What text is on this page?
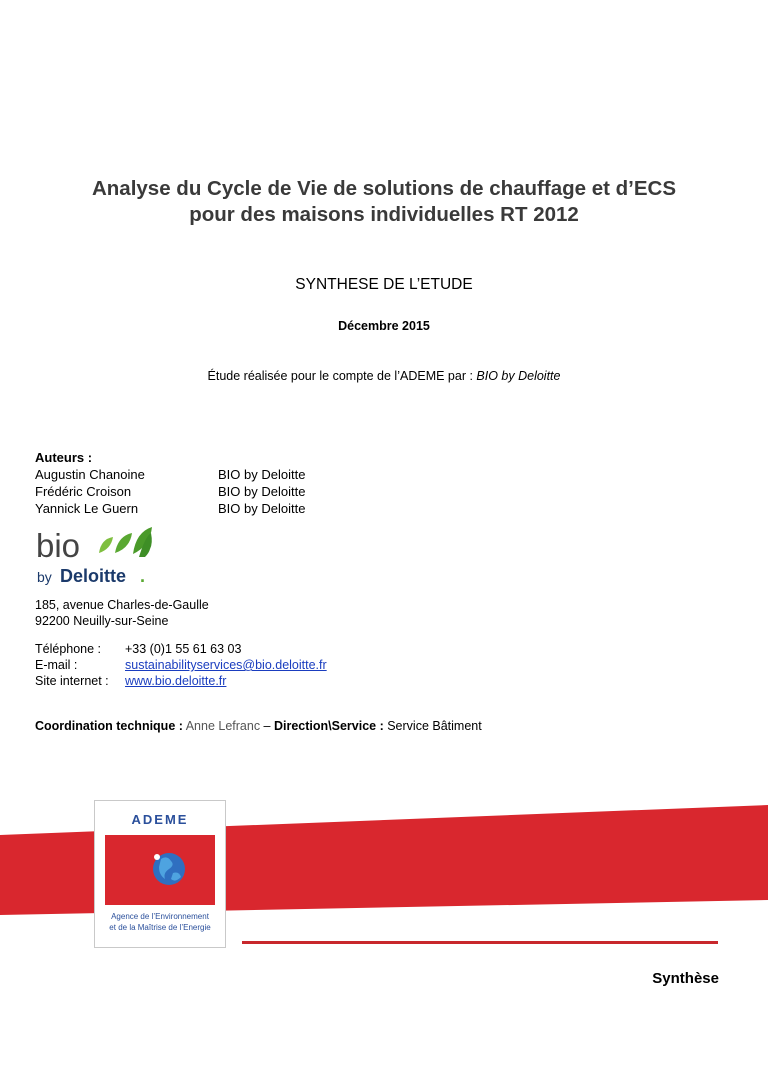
Analyse du Cycle de Vie de solutions de chauffage et d’ECS
pour des maisons individuelles RT 2012
SYNTHESE DE L’ETUDE
Décembre 2015
Étude réalisée pour le compte de l’ADEME par : BIO by Deloitte
Auteurs :
Augustin Chanoine	BIO by Deloitte
Frédéric Croison	BIO by Deloitte
Yannick Le Guern	BIO by Deloitte
bio
by Deloitte .
185, avenue Charles-de-Gaulle
92200 Neuilly-sur-Seine
Téléphone :	+33 (0)1 55 61 63 03
E-mail :	sustainabilityservices@bio.deloitte.fr
Site internet :	www.bio.deloitte.fr
Coordination technique : Anne Lefranc – Direction\Service : Service Bâtiment
ADEME
Agence de l’Environnement
et de la Maîtrise de l’Energie
Synthèse
